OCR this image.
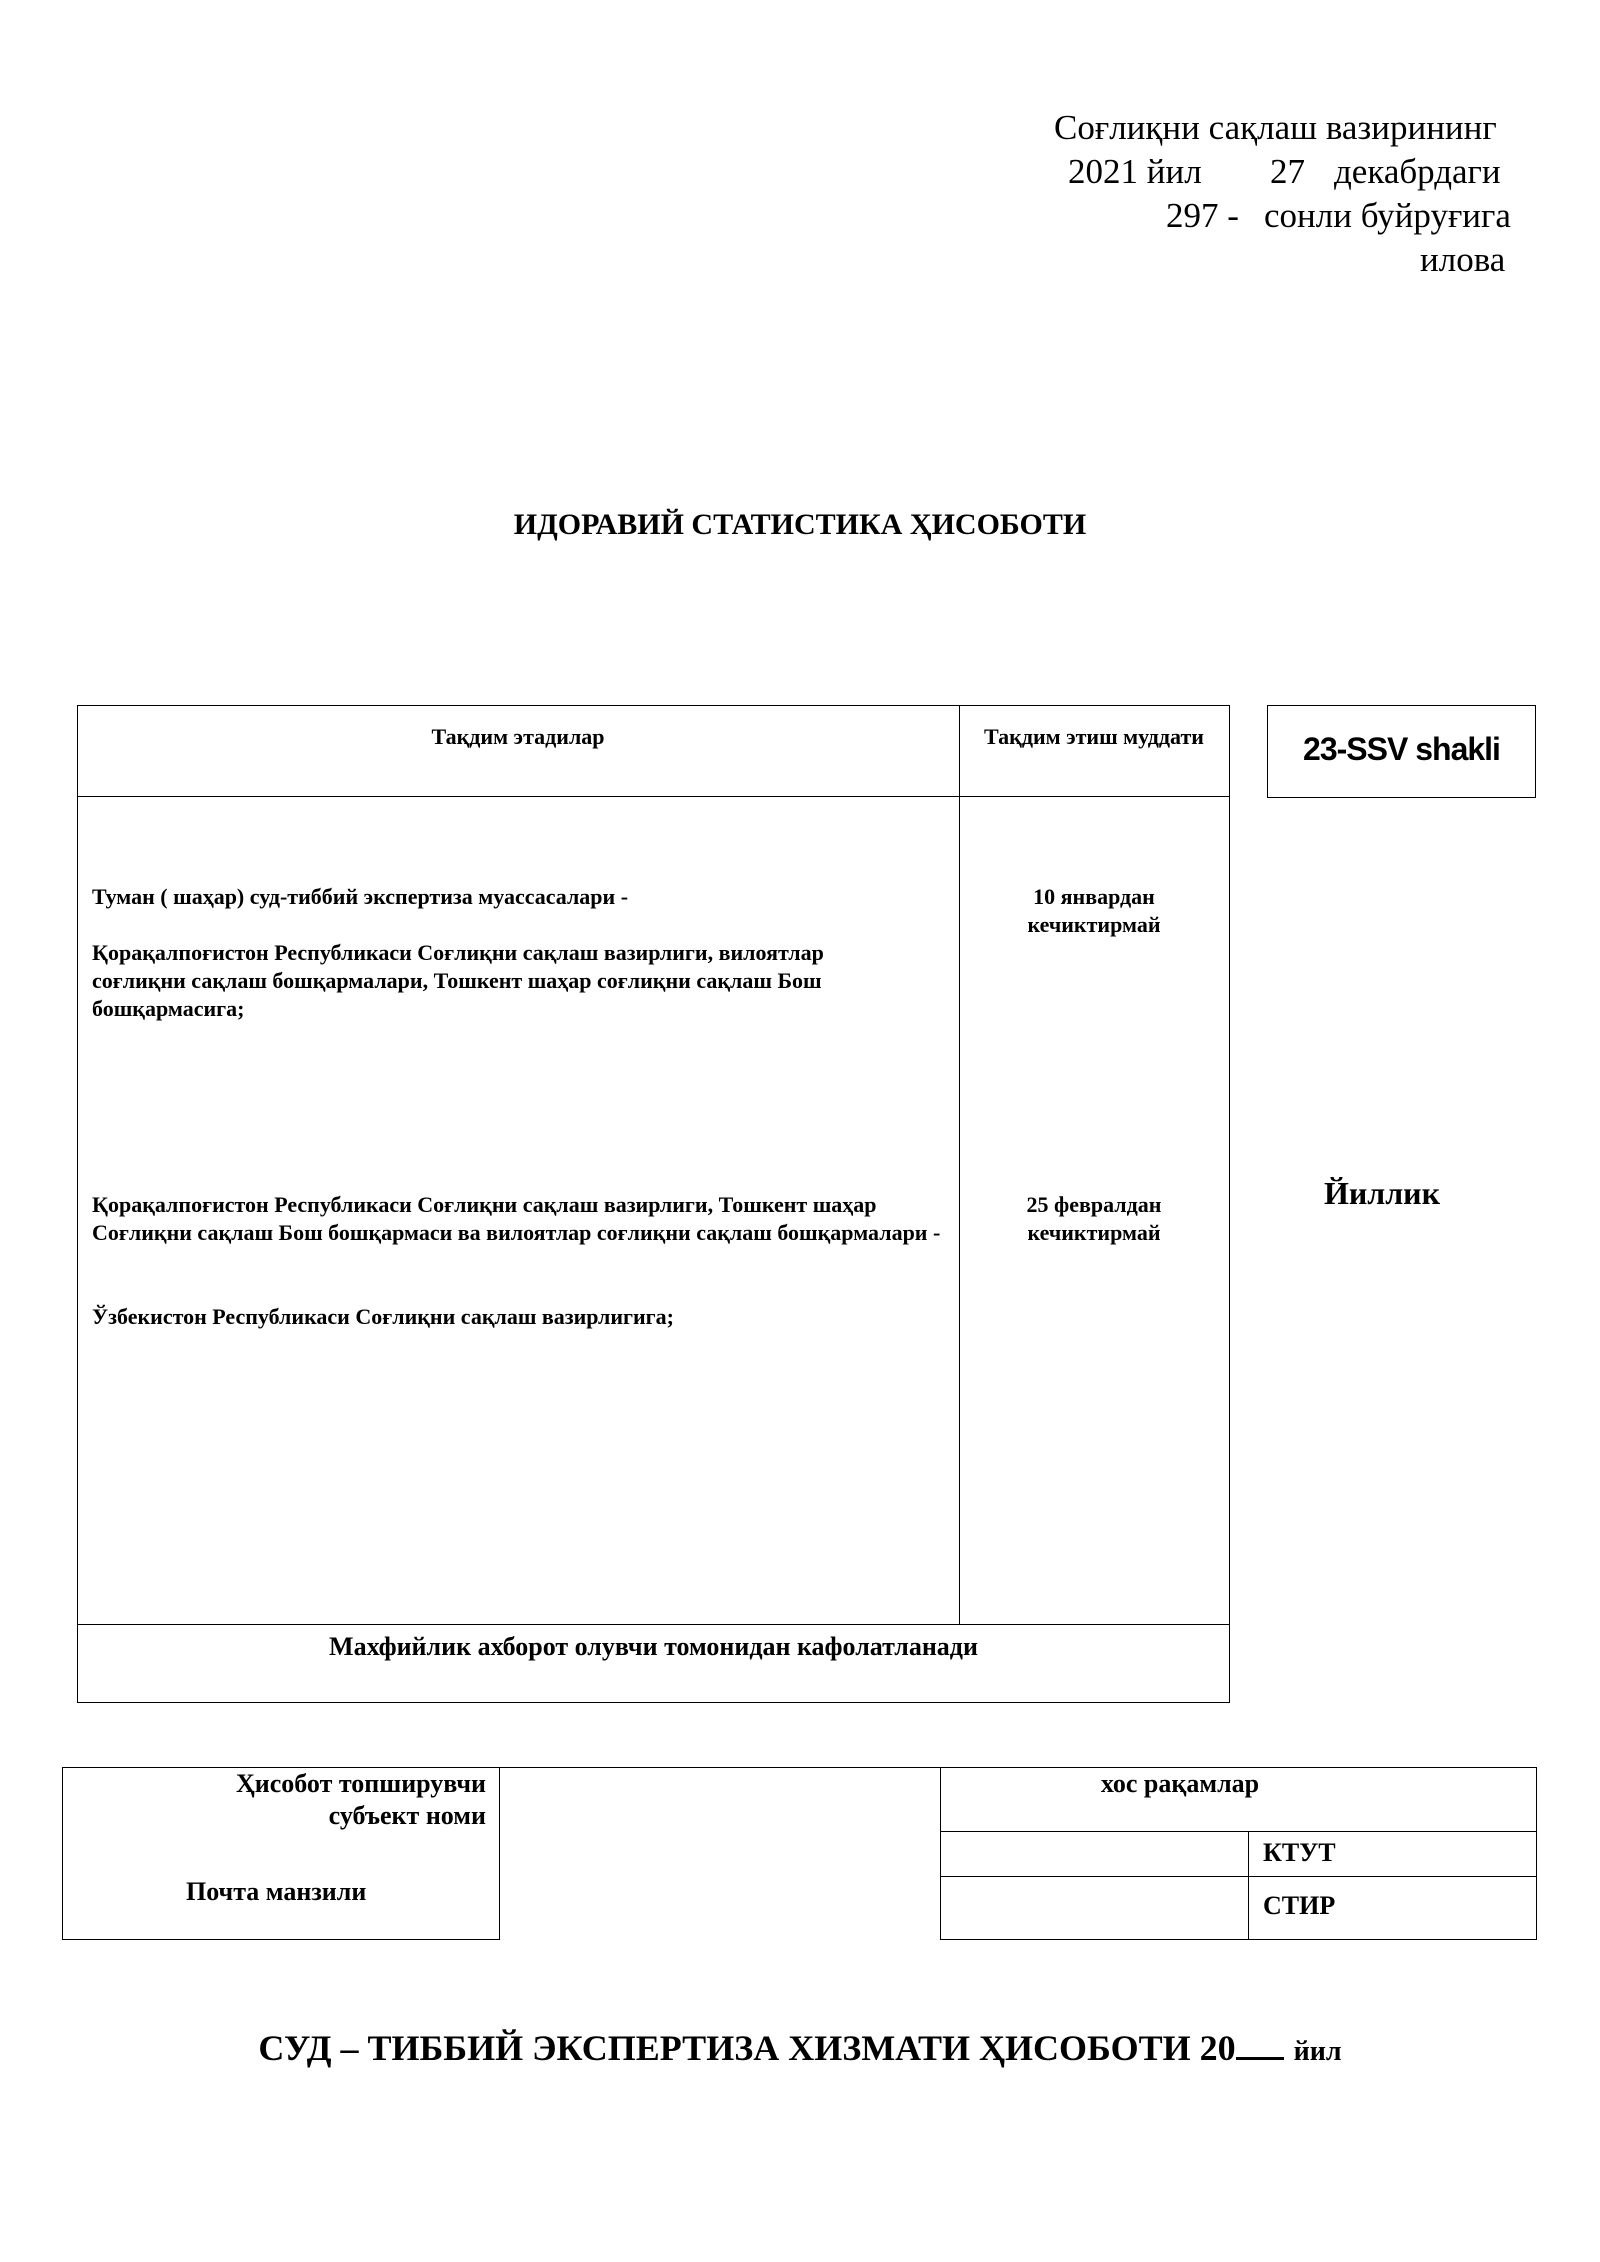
Соғлиқни сақлаш вазирининг
2021 йил 27 декабрдаги
297 - сонли буйруғига
илова
ИДОРАВИЙ СТАТИСТИКА ҲИСОБОТИ
Тақдим этадилар	Тақдим этиш муддати
Туман ( шаҳар) суд-тиббий экспертиза муассасалари -
Қорақалпоғистон Республикаси Соғлиқни сақлаш вазирлиги, вилоятлар соғлиқни сақлаш бошқармалари, Тошкент шаҳар соғлиқни сақлаш Бош бошқармасига;
10 январдан
кечиктирмай
Қорақалпоғистон Республикаси Соғлиқни сақлаш вазирлиги, Тошкент шаҳар Соғлиқни сақлаш Бош бошқармаси ва вилоятлар соғлиқни сақлаш бошқармалари -
Ўзбекистон Республикаси Соғлиқни сақлаш вазирлигига;
25 февралдан
кечиктирмай
Махфийлик ахборот олувчи томонидан кафолатланади
23-SSV shakli
Йиллик
Ҳисобот топширувчи
субъект номи
Почта манзили
хос рақамлар
КТУТ
СТИР
СУД – ТИББИЙ ЭКСПЕРТИЗА ХИЗМАТИ ҲИСОБОТИ 20 йил
